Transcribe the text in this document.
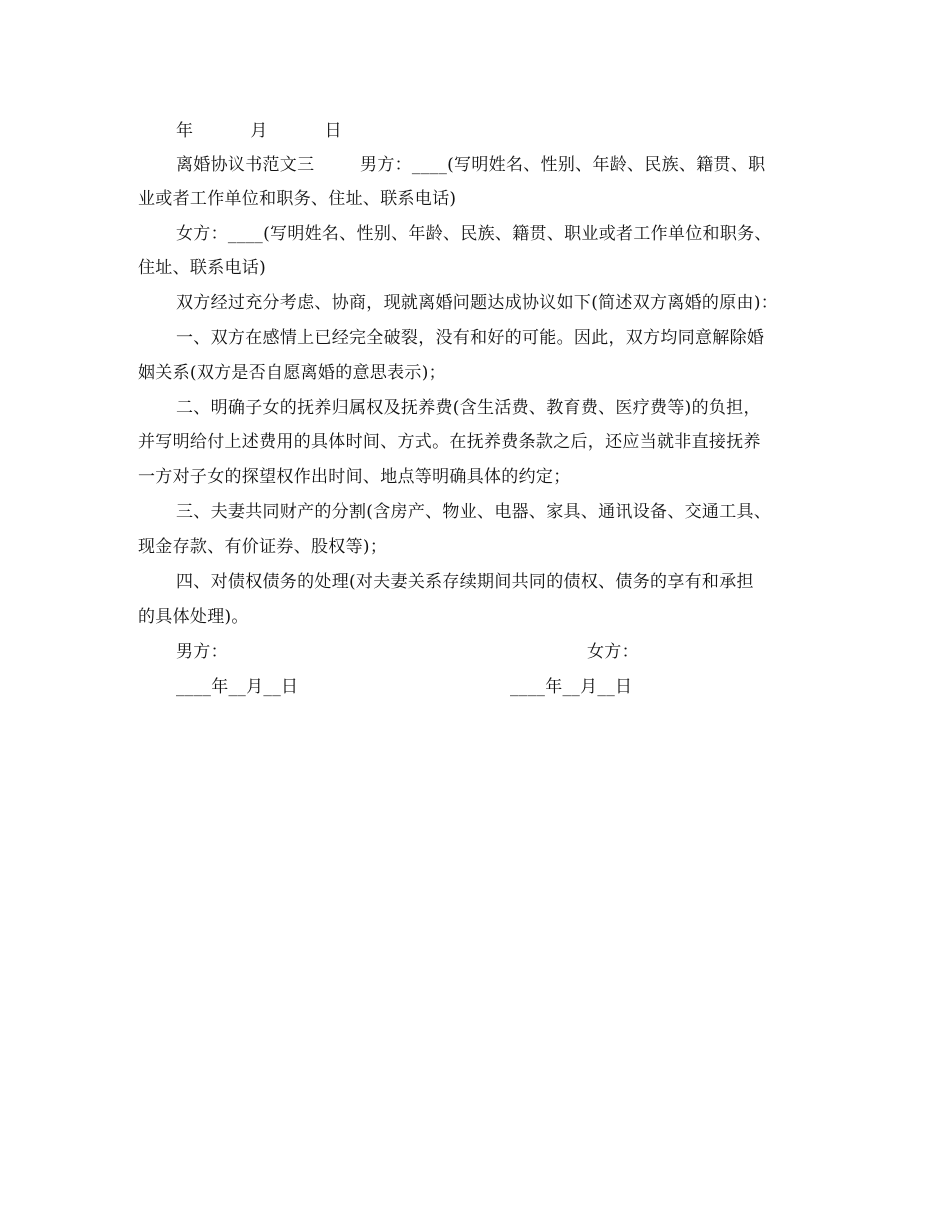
年          月          日
离婚协议书范文三        男方：____(写明姓名、性别、年龄、民族、籍贯、职
业或者工作单位和职务、住址、联系电话)
女方：____(写明姓名、性别、年龄、民族、籍贯、职业或者工作单位和职务、
住址、联系电话)
双方经过充分考虑、协商，现就离婚问题达成协议如下(简述双方离婚的原由)：
一、双方在感情上已经完全破裂，没有和好的可能。因此，双方均同意解除婚
姻关系(双方是否自愿离婚的意思表示)；
二、明确子女的抚养归属权及抚养费(含生活费、教育费、医疗费等)的负担，
并写明给付上述费用的具体时间、方式。在抚养费条款之后，还应当就非直接抚养
一方对子女的探望权作出时间、地点等明确具体的约定；
三、夫妻共同财产的分割(含房产、物业、电器、家具、通讯设备、交通工具、
现金存款、有价证券、股权等)；
四、对债权债务的处理(对夫妻关系存续期间共同的债权、债务的享有和承担
的具体处理)。
男方：	女方：
____年__月__日	____年__月__日
